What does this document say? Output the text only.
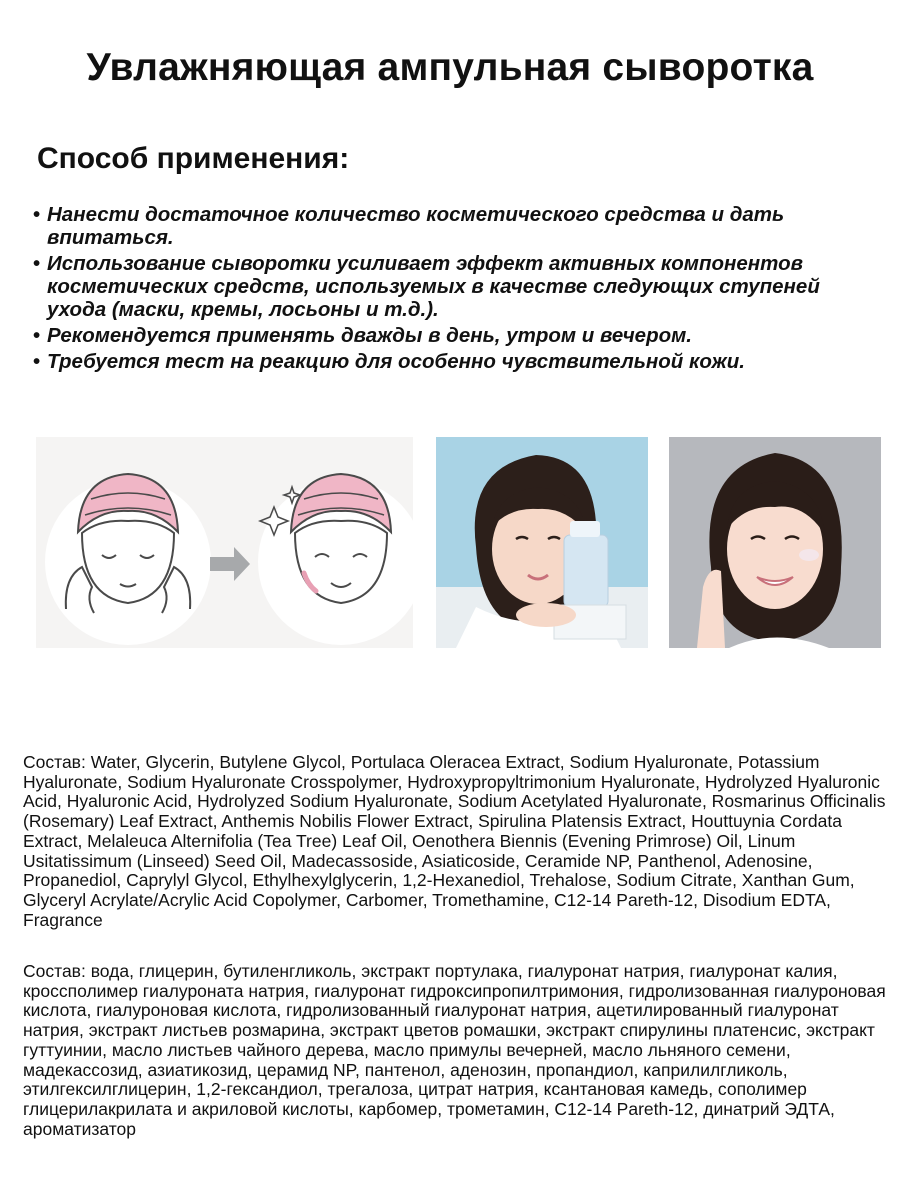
Увлажняющая ампульная сыворотка
Способ применения:
• Нанести достаточное количество косметического средства и дать впитаться.
• Использование сыворотки усиливает эффект активных компонентов косметических средств, используемых в качестве следующих ступеней ухода (маски, кремы, лосьоны и т.д.).
• Рекомендуется применять дважды в день, утром и вечером.
• Требуется тест на реакцию для особенно чувствительной кожи.

Состав: Water, Glycerin, Butylene Glycol, Portulaca Oleracea Extract, Sodium Hyaluronate, Potassium Hyaluronate, Sodium Hyaluronate Crosspolymer, Hydroxypropyltrimonium Hyaluronate, Hydrolyzed Hyaluronic Acid, Hyaluronic Acid, Hydrolyzed Sodium Hyaluronate, Sodium Acetylated Hyaluronate, Rosmarinus Officinalis (Rosemary) Leaf Extract, Anthemis Nobilis Flower Extract, Spirulina Platensis Extract, Houttuynia Cordata Extract, Melaleuca Alternifolia (Tea Tree) Leaf Oil, Oenothera Biennis (Evening Primrose) Oil, Linum Usitatissimum (Linseed) Seed Oil, Madecassoside, Asiaticoside, Ceramide NP, Panthenol, Adenosine, Propanediol, Caprylyl Glycol, Ethylhexylglycerin, 1,2-Hexanediol, Trehalose, Sodium Citrate, Xanthan Gum, Glyceryl Acrylate/Acrylic Acid Copolymer, Carbomer, Tromethamine, C12-14 Pareth-12, Disodium EDTA, Fragrance

Состав: вода, глицерин, бутиленгликоль, экстракт портулака, гиалуронат натрия, гиалуронат калия, кроссполимер гиалуроната натрия, гиалуронат гидроксипропилтримония, гидролизованная гиалуроновая кислота, гиалуроновая кислота, гидролизованный гиалуронат натрия, ацетилированный гиалуронат натрия, экстракт листьев розмарина, экстракт цветов ромашки, экстракт спирулины платенсис, экстракт гуттуинии, масло листьев чайного дерева, масло примулы вечерней, масло льняного семени, мадекассозид, азиатикозид, церамид NP, пантенол, аденозин, пропандиол, каприлилгликоль, этилгексилглицерин, 1,2-гександиол, трегалоза, цитрат натрия, ксантановая камедь, сополимер глицерилакрилата и акриловой кислоты, карбомер, трометамин, C12-14 Pareth-12, динатрий ЭДТА, ароматизатор
